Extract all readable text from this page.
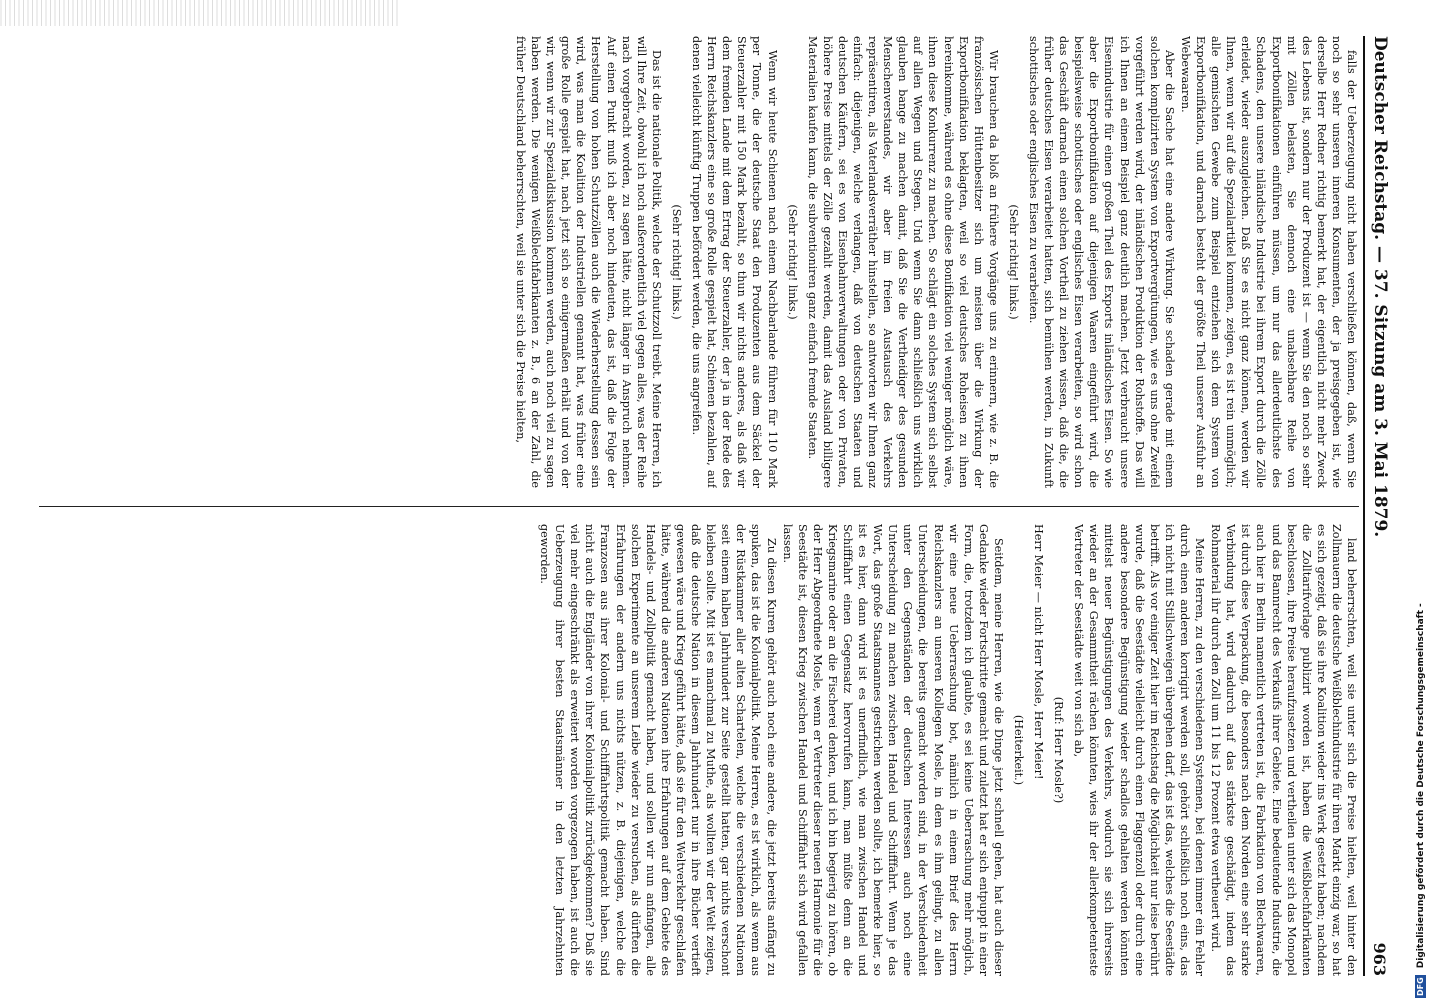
Deutscher Reichstag. — 37. Sitzung am 3. Mai 1879.
963

falls der Ueberzeugung nicht haben verschließen können, daß, wenn Sie noch so sehr unseren inneren Konsumenten, der ja preisgegeben ist, wie derselbe Herr Redner richtig bemerkt hat, der eigentlich nicht mehr Zweck des Lebens ist, sondern nur der Produzent ist — wenn Sie den noch so sehr mit Zöllen belasten, Sie dennoch eine unabsehbare Reihe von Exportbonifikationen einführen müssen, um nur das allerdeutlichste des Schadens, den unsere inländische Industrie bei ihrem Export durch die Zölle erleidet, wieder auszugleichen. Daß Sie es nicht ganz können, werden wir Ihnen, wenn wir auf die Spezialartikel kommen, zeigen, es ist rein unmöglich; alle gemischten Gewebe zum Beispiel entziehen sich dem System von Exportbonifikation, und darnach besteht der größte Theil unserer Ausfuhr an Webewaaren.

Aber die Sache hat eine andere Wirkung. Sie schaden gerade mit einem solchen komplizirten System von Exportvergütungen, wie es uns ohne Zweifel vorgeführt werden wird, der inländischen Produktion der Rohstoffe. Das will ich Ihnen an einem Beispiel ganz deutlich machen. Jetzt verbraucht unsere Eisenindustrie für einen großen Theil des Exports inländisches Eisen. So wie aber die Exportbonifikation auf diejenigen Waaren eingeführt wird, die beispielsweise schottisches oder englisches Eisen verarbeiten, so wird schon das Geschäft darnach einen solchen Vortheil zu ziehen wissen, daß die, die früher deutsches Eisen verarbeitet hatten, sich bemühen werden, in Zukunft schottisches oder englisches Eisen zu verarbeiten.

(Sehr richtig! links.)

Wir brauchen da bloß an frühere Vorgänge uns zu erinnern, wie z. B. die französischen Hüttenbesitzer sich um meisten über die Wirkung der Exportbonifikation beklagten, weil so viel deutsches Roheisen zu ihnen hereinkomme, während es ohne diese Bonifikation viel weniger möglich wäre, ihnen diese Konkurrenz zu machen. So schlägt ein solches System sich selbst auf allen Wegen und Stegen. Und wenn Sie dann schließlich uns wirklich glauben bange zu machen damit, daß Sie die Vertheidiger des gesunden Menschenverstandes, wir aber im freien Austausch des Verkehrs repräsentiren, als Vaterlandsverräther hinstellen, so antworten wir Ihnen ganz einfach: diejenigen, welche verlangen, daß von deutschen Staaten und deutschen Käufern, sei es von Eisenbahnverwaltungen oder von Privaten, höhere Preise mittels der Zölle gezahlt werden, damit das Ausland billigere Materialien kaufen kann, die subventioniren ganz einfach fremde Staaten.

(Sehr richtig! links.)

Wenn wir heute Schienen nach einem Nachbarlande führen für 110 Mark per Tonne, die der deutsche Staat den Produzenten aus dem Säckel der Steuerzahler mit 150 Mark bezahlt, so thun wir nichts anderes, als daß wir dem fremden Lande mit dem Ertrag der Steuerzahler, der ja in der Rede des Herrn Reichskanzlers eine so große Rolle gespielt hat, Schienen bezahlen, auf denen vielleicht künftig Truppen befördert werden, die uns angreifen.

(Sehr richtig! links.)

Das ist die nationale Politik, welche der Schutzzoll treibt. Meine Herren, ich will Ihre Zeit, obwohl ich noch außerordentlich viel gegen alles, was der Reihe nach vorgebracht worden, zu sagen hätte, nicht länger in Anspruch nehmen. Auf einen Punkt muß ich aber noch hindeuten, das ist, daß die Folge der Herstellung von hohen Schutzzöllen auch die Wiederherstellung dessen sein wird, was man die Koalition der Industriellen genannt hat, was früher eine große Rolle gespielt hat, nach jetzt sich so einigermaßen erhält und von der wir, wenn wir zur Spezialdiskussion kommen werden, auch noch viel zu sagen haben werden. Die wenigen Weißblechfabrikanten z. B., 6 an der Zahl, die früher Deutschland beherrschten, weil sie unter sich die Preise hielten,

land beherrschten, weil sie unter sich die Preise hielten, weil hinter den Zollmauern die deutsche Weißblechindustrie für ihren Markt einzig war, so hat es sich gezeigt, daß sie ihre Koalition wieder ins Werk gesetzt haben; nachdem die Zolltarifvorlage publizirt worden ist, haben die Weißblechfabrikanten beschlossen, ihre Preise heraufzusetzen und vertheilen unter sich das Monopol und das Bannrecht des Verkaufs ihrer Gebiete. Eine bedeutende Industrie, die auch hier in Berlin namentlich vertreten ist, die Fabrikation von Blechwaaren, ist durch diese Verpackung, die besonders nach dem Norden eine sehr starke Verbindung hat, wird dadurch auf das stärkste geschädigt, indem das Rohmaterial ihr durch den Zoll um 11 bis 12 Prozent etwa vertheuert wird.

Meine Herren, zu den verschiedenen Systemen, bei denen immer ein Fehler durch einen anderen korrigirt werden soll, gehört schließlich noch eins, das ich nicht mit Stillschweigen übergehen darf, das ist das, welches die Seestädte betrifft. Als vor einiger Zeit hier im Reichstag die Möglichkeit nur leise berührt wurde, daß die Seestädte vielleicht durch einen Flaggenzoll oder durch eine andere besondere Begünstigung wieder schadlos gehalten werden könnten mittelst neuer Begünstigungen des Verkehrs, wodurch sie sich ihrerseits wieder an der Gesammtheit rächen könnten, wies ihr der allerkompetenteste Vertreter der Seestädte weit von sich ab,

(Ruf: Herr Mosle?)

Herr Meier — nicht Herr Mosle, Herr Meier!

(Heiterkeit.)

Seitdem, meine Herren, wie die Dinge jetzt schnell gehen, hat auch dieser Gedanke wieder Fortschritte gemacht und zuletzt hat er sich entpuppt in einer Form, die, trotzdem ich glaubte, es sei keine Ueberraschung mehr möglich, wir eine neue Ueberraschung bot, nämlich in einem Brief des Herrn Reichskanzlers an unseren Kollegen Mosle, in dem es ihm gelingt, zu allen Unterscheidungen, die bereits gemacht worden sind, in der Verschiedenheit unter den Gegenständen der deutschen Interessen auch noch eine Unterscheidung zu machen zwischen Handel und Schifffahrt. Wenn je das Wort, das große Staatsmannes gestrichen werden sollte, ich bemerke hier, so ist es hier, dann wird ist es unerfindlich, wie man zwischen Handel und Schifffahrt einen Gegensatz hervorrufen kann, man müßte denn an die Kriegsmarine oder an die Fischerei denken, und ich bin begierig zu hören, ob der Herr Abgeordnete Mosle, wenn er Vertreter dieser neuen Harmonie für die Seestädte ist, diesen Krieg zwischen Handel und Schifffahrt sich wird gefallen lassen.

Zu diesen Kuren gehört auch noch eine andere, die jetzt bereits anfängt zu spuken, das ist die Kolonialpolitik. Meine Herren, es ist wirklich, als wenn aus der Rüstkammer aller alten Schartelen, welche die verschiedenen Nationen seit einem halben Jahrhundert zur Seite gestellt hatten, gar nichts verschont bleiben sollte. Mit ist es manchmal zu Muthe, als wollten wir der Welt zeigen, daß die deutsche Nation in diesem Jahrhundert nur in ihre Bücher vertieft gewesen wäre und Krieg geführt hätte, daß sie für den Weltverkehr geschlafen hätte, während die anderen Nationen ihre Erfahrungen auf dem Gebiete des Handels- und Zollpolitik gemacht haben, und sollen wir nun anfangen, alle solchen Experimente an unserem Leibe wieder zu versuchen, als dürften die Erfahrungen der andern uns nichts nützen, z. B. diejenigen, welche die Franzosen aus ihrer Kolonial- und Schifffahrtspolitik gemacht haben. Sind nicht auch die Engländer von ihrer Kolonialpolitik zurückgekommen? Daß sie viel mehr eingeschränkt als erweitert worden vorgezogen haben, ist auch die Ueberzeugung ihrer besten Staatsmänner in den letzten Jahrzehnten geworden.

DFG Digitalisierung gefördert durch die Deutsche Forschungsgemeinschaft -
